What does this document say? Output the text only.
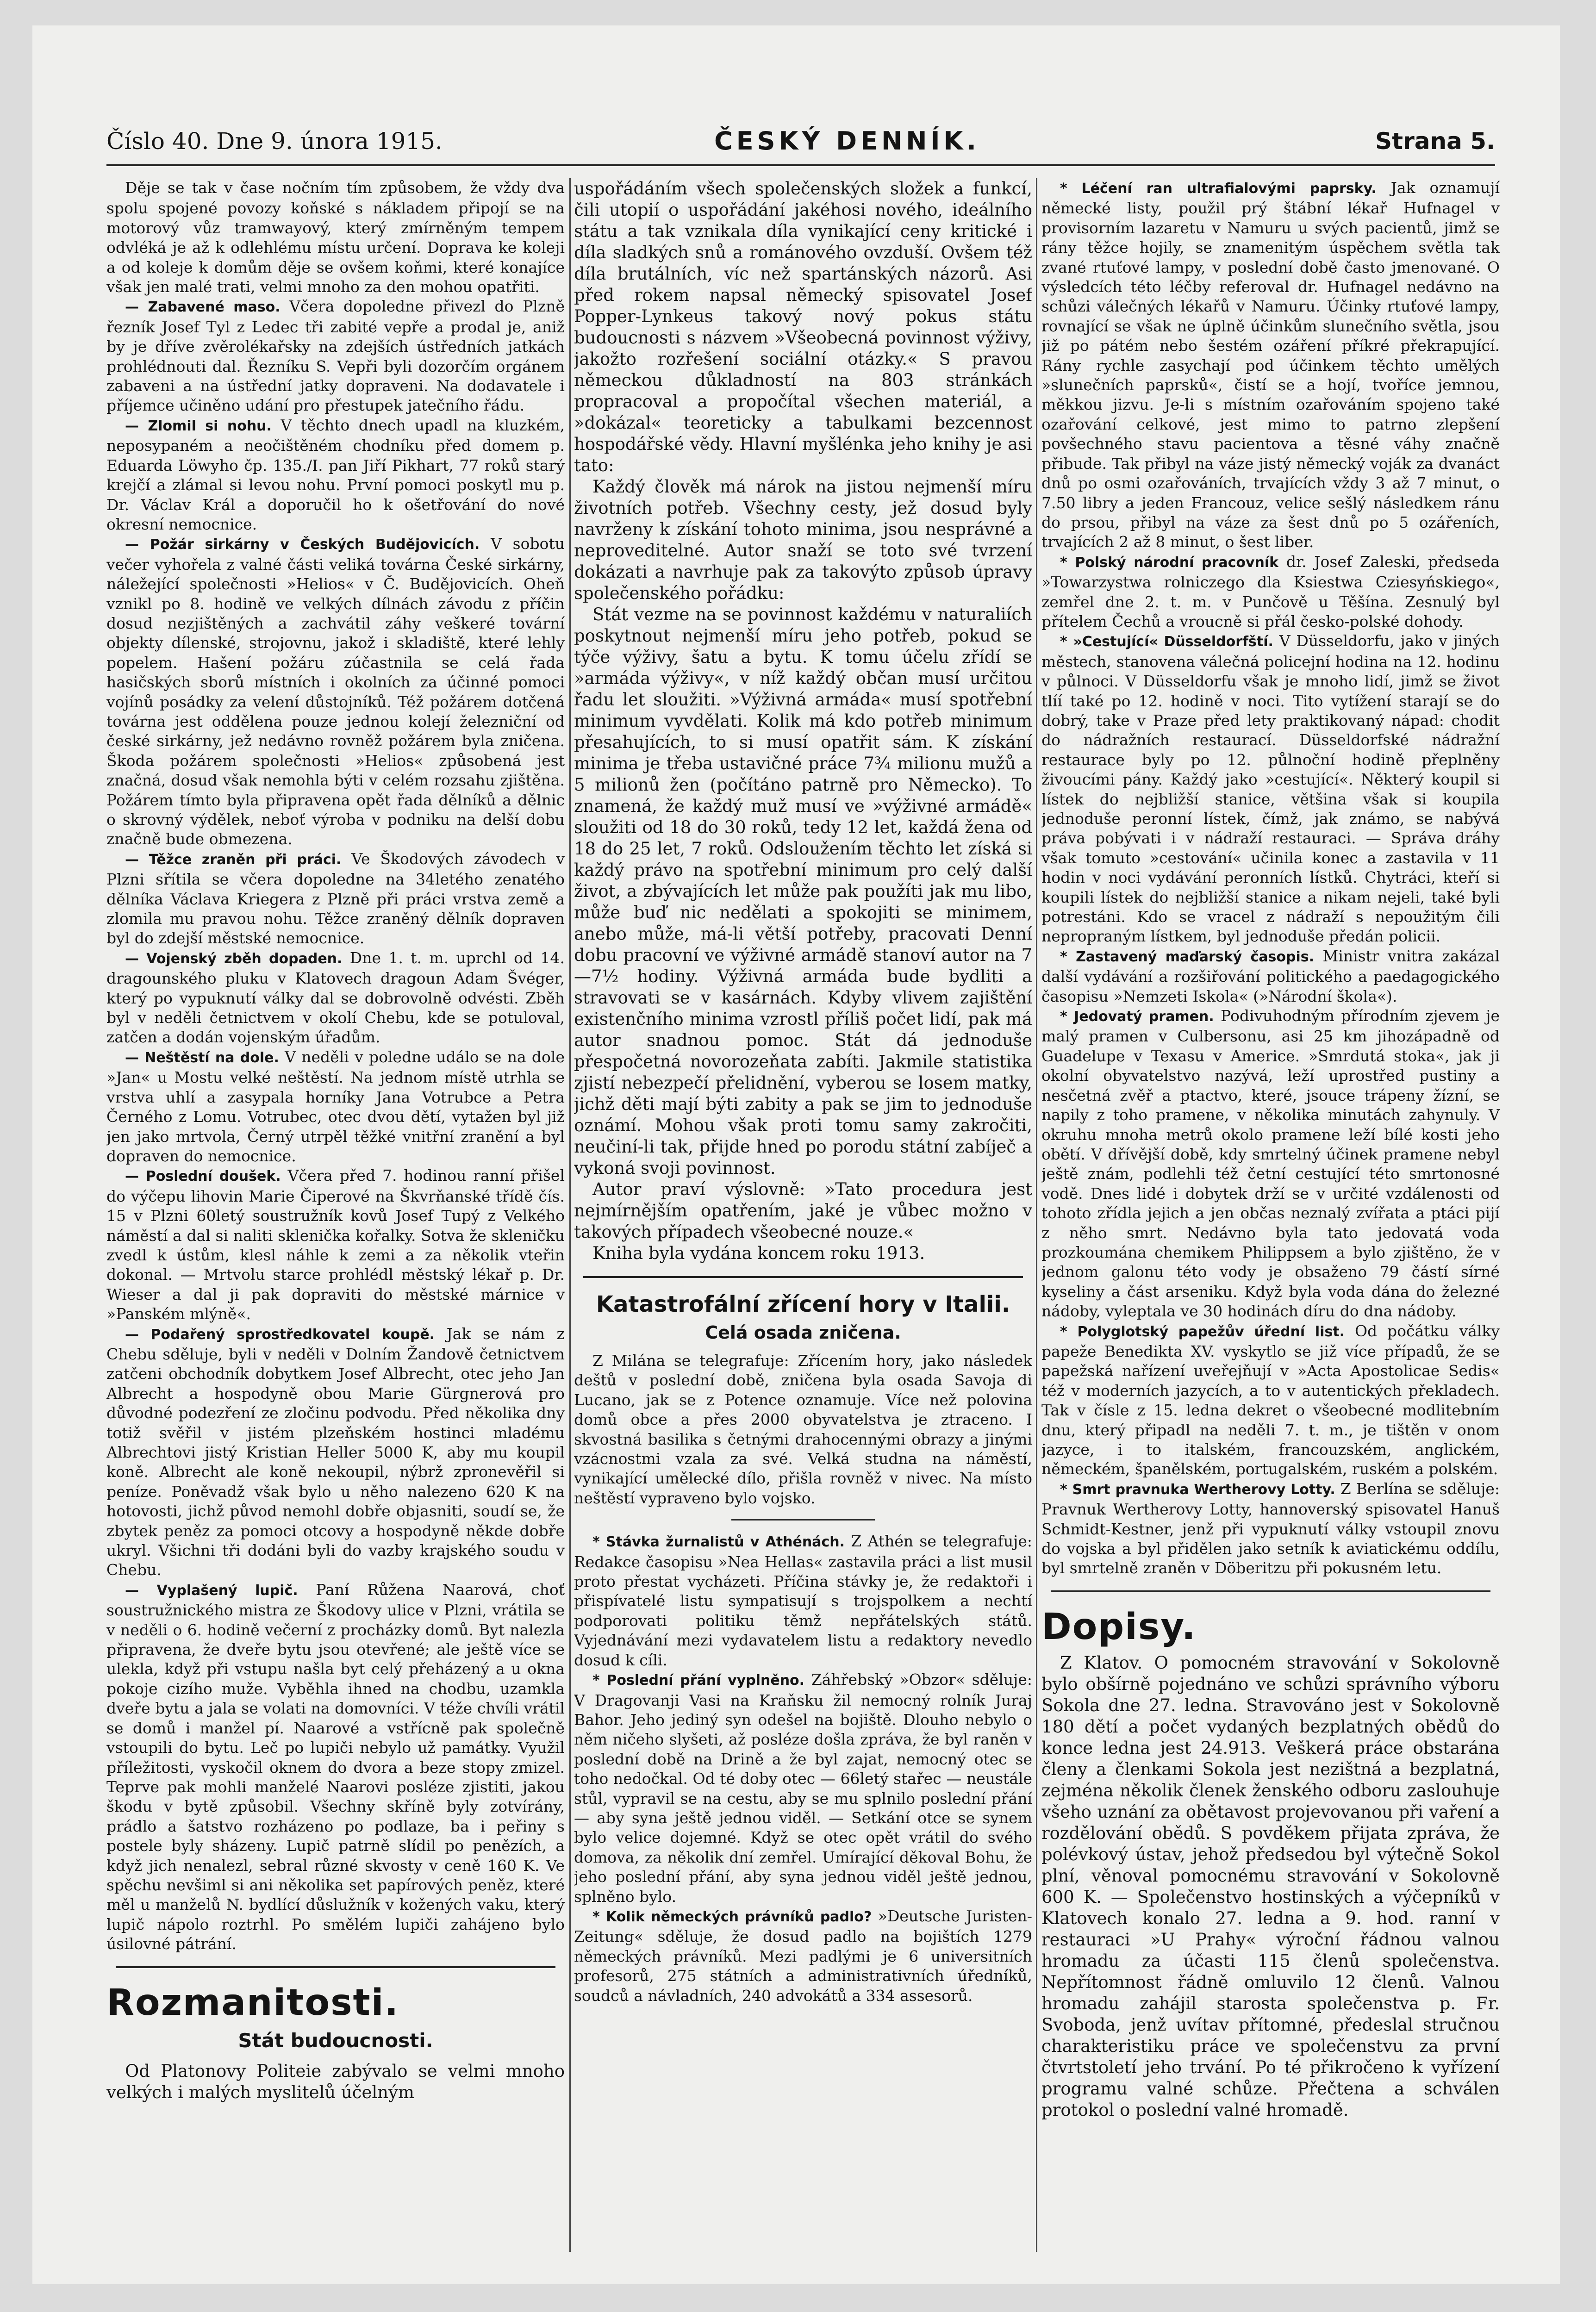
Číslo 40. Dne 9. února 1915.	ČESKÝ DENNÍK.	Strana 5.

Děje se tak v čase nočním tím způsobem, že vždy dva spolu spojené povozy koňské s nákladem připojí se na motorový vůz tramwayový, který zmírněným tempem odvléká je až k odlehlému místu určení. Doprava ke koleji a od koleje k domům děje se ovšem koňmi, které konajíce však jen malé trati, velmi mnoho za den mohou opatřiti.

— Zabavené maso. Včera dopoledne přivezl do Plzně řezník Josef Tyl z Ledec tři zabité vepře a prodal je, aniž by je dříve zvěrolékařsky na zdejších ústředních jatkách prohlédnouti dal. Řezníku S. Vepři byli dozorčím orgánem zabaveni a na ústřední jatky dopraveni. Na dodavatele i příjemce učiněno udání pro přestupek jatečního řádu.

— Zlomil si nohu. V těchto dnech upadl na kluzkém, neposypaném a neočištěném chodníku před domem p. Eduarda Löwyho čp. 135./I. pan Jiří Pikhart, 77 roků starý krejčí a zlámal si levou nohu. První pomoci poskytl mu p. Dr. Václav Král a doporučil ho k ošetřování do nové okresní nemocnice.

— Požár sirkárny v Českých Budějovicích. V sobotu večer vyhořela z valné části veliká továrna České sirkárny, náležející společnosti »Helios« v Č. Budějovicích. Oheň vznikl po 8. hodině ve velkých dílnách závodu z příčin dosud nezjištěných a zachvátil záhy veškeré tovární objekty dílenské, strojovnu, jakož i skladiště, které lehly popelem. Hašení požáru zúčastnila se celá řada hasičských sborů místních i okolních za účinné pomoci vojínů posádky za velení důstojníků. Též požárem dotčená továrna jest oddělena pouze jednou kolejí železniční od české sirkárny, jež nedávno rovněž požárem byla zničena. Škoda požárem společnosti »Helios« způsobená jest značná, dosud však nemohla býti v celém rozsahu zjištěna. Požárem tímto byla připravena opět řada dělníků a dělnic o skrovný výdělek, neboť výroba v podniku na delší dobu značně bude obmezena.

— Těžce zraněn při práci. Ve Škodových závodech v Plzni sřítila se včera dopoledne na 34letého zenatého dělníka Václava Kriegera z Plzně při práci vrstva země a zlomila mu pravou nohu. Těžce zraněný dělník dopraven byl do zdejší městské nemocnice.

— Vojenský zběh dopaden. Dne 1. t. m. uprchl od 14. dragounského pluku v Klatovech dragoun Adam Švéger, který po vypuknutí války dal se dobrovolně odvésti. Zběh byl v neděli četnictvem v okolí Chebu, kde se potuloval, zatčen a dodán vojenským úřadům.

— Neštěstí na dole. V neděli v poledne událo se na dole »Jan« u Mostu velké neštěstí. Na jednom místě utrhla se vrstva uhlí a zasypala horníky Jana Votrubce a Petra Černého z Lomu. Votrubec, otec dvou dětí, vytažen byl již jen jako mrtvola, Černý utrpěl těžké vnitřní zranění a byl dopraven do nemocnice.

— Poslední doušek. Včera před 7. hodinou ranní přišel do výčepu lihovin Marie Čiperové na Škvrňanské třídě čís. 15 v Plzni 60letý soustružník kovů Josef Tupý z Velkého náměstí a dal si naliti sklenička kořalky. Sotva že skleničku zvedl k ústům, klesl náhle k zemi a za několik vteřin dokonal. — Mrtvolu starce prohlédl městský lékař p. Dr. Wieser a dal ji pak dopraviti do městské márnice v »Panském mlýně«.

— Podařený sprostředkovatel koupě. Jak se nám z Chebu sděluje, byli v neděli v Dolním Žandově četnictvem zatčeni obchodník dobytkem Josef Albrecht, otec jeho Jan Albrecht a hospodyně obou Marie Gürgnerová pro důvodné podezření ze zločinu podvodu. Před několika dny totiž svěřil v jistém plzeňském hostinci mladému Albrechtovi jistý Kristian Heller 5000 K, aby mu koupil koně. Albrecht ale koně nekoupil, nýbrž zpronevěřil si peníze. Poněvadž však bylo u něho nalezeno 620 K na hotovosti, jichž původ nemohl dobře objasniti, soudí se, že zbytek peněz za pomoci otcovy a hospodyně někde dobře ukryl. Všichni tři dodáni byli do vazby krajského soudu v Chebu.

— Vyplašený lupič. Paní Růžena Naarová, choť soustružnického mistra ze Škodovy ulice v Plzni, vrátila se v neděli o 6. hodině večerní z procházky domů. Byt nalezla připravena, že dveře bytu jsou otevřené; ale ještě více se ulekla, když při vstupu našla byt celý přeházený a u okna pokoje cizího muže. Vyběhla ihned na chodbu, uzamkla dveře bytu a jala se volati na domovníci. V téže chvíli vrátil se domů i manžel pí. Naarové a vstřícně pak společně vstoupili do bytu. Leč po lupiči nebylo už památky. Využil příležitosti, vyskočil oknem do dvora a beze stopy zmizel. Teprve pak mohli manželé Naarovi posléze zjistiti, jakou škodu v bytě způsobil. Všechny skříně byly zotvírány, prádlo a šatstvo rozházeno po podlaze, ba i peřiny s postele byly sházeny. Lupič patrně slídil po penězích, a když jich nenalezl, sebral různé skvosty v ceně 160 K. Ve spěchu nevšiml si ani několika set papírových peněz, které měl u manželů N. bydlící důslužník v kožených vaku, který lupič nápolo roztrhl. Po smělém lupiči zahájeno bylo úsilovné pátrání.

Rozmanitosti.
Stát budoucnosti.

Od Platonovy Politeie zabývalo se velmi mnoho velkých i malých myslitelů účelným

uspořádáním všech společenských složek a funkcí, čili utopií o uspořádání jakéhosi nového, ideálního státu a tak vznikala díla vynikající ceny kritické i díla sladkých snů a románového ovzduší. Ovšem též díla brutálních, víc než spartánských názorů. Asi před rokem napsal německý spisovatel Josef Popper-Lynkeus takový nový pokus státu budoucnosti s názvem »Všeobecná povinnost výživy, jakožto rozřešení sociální otázky.« S pravou německou důkladností na 803 stránkách propracoval a propočítal všechen materiál, a »dokázal« teoreticky a tabulkami bezcennost hospodářské vědy. Hlavní myšlénka jeho knihy je asi tato:

Každý člověk má nárok na jistou nejmenší míru životních potřeb. Všechny cesty, jež dosud byly navrženy k získání tohoto minima, jsou nesprávné a neproveditelné. Autor snaží se toto své tvrzení dokázati a navrhuje pak za takovýto způsob úpravy společenského pořádku:

Stát vezme na se povinnost každému v naturaliích poskytnout nejmenší míru jeho potřeb, pokud se týče výživy, šatu a bytu. K tomu účelu zřídí se »armáda výživy«, v níž každý občan musí určitou řadu let sloužiti. »Výživná armáda« musí spotřební minimum vyvdělati. Kolik má kdo potřeb minimum přesahujících, to si musí opatřit sám. K získání minima je třeba ustavičné práce 7¾ milionu mužů a 5 milionů žen (počítáno patrně pro Německo). To znamená, že každý muž musí ve »výživné armádě« sloužiti od 18 do 30 roků, tedy 12 let, každá žena od 18 do 25 let, 7 roků. Odsloužením těchto let získá si každý právo na spotřební minimum pro celý další život, a zbývajících let může pak použíti jak mu libo, může buď nic nedělati a spokojiti se minimem, anebo může, má-li větší potřeby, pracovati Denní dobu pracovní ve výživné armádě stanoví autor na 7—7½ hodiny. Výživná armáda bude bydliti a stravovati se v kasárnách. Kdyby vlivem zajištění existenčního minima vzrostl příliš počet lidí, pak má autor snadnou pomoc. Stát dá jednoduše přespočetná novorozeňata zabíti. Jakmile statistika zjistí nebezpečí přelidnění, vyberou se losem matky, jichž děti mají býti zabity a pak se jim to jednoduše oznámí. Mohou však proti tomu samy zakročiti, neučiní-li tak, přijde hned po porodu státní zabíječ a vykoná svoji povinnost.

Autor praví výslovně: »Tato procedura jest nejmírnějším opatřením, jaké je vůbec možno v takových případech všeobecné nouze.«

Kniha byla vydána koncem roku 1913.

Katastrofální zřícení hory v Italii.
Celá osada zničena.

Z Milána se telegrafuje: Zřícením hory, jako následek deštů v poslední době, zničena byla osada Savoja di Lucano, jak se z Potence oznamuje. Více než polovina domů obce a přes 2000 obyvatelstva je ztraceno. I skvostná basilika s četnými drahocennými obrazy a jinými vzácnostmi vzala za své. Velká studna na náměstí, vynikající umělecké dílo, přišla rovněž v nivec. Na místo neštěstí vypraveno bylo vojsko.

* Stávka žurnalistů v Athénách. Z Athén se telegrafuje: Redakce časopisu »Nea Hellas« zastavila práci a list musil proto přestat vycházeti. Příčina stávky je, že redaktoři i přispívatelé listu sympatisují s trojspolkem a nechtí podporovati politiku těmž nepřátelských států. Vyjednávání mezi vydavatelem listu a redaktory nevedlo dosud k cíli.

* Poslední přání vyplněno. Záhřebský »Obzor« sděluje: V Dragovanji Vasi na Kraňsku žil nemocný rolník Juraj Bahor. Jeho jediný syn odešel na bojiště. Dlouho nebylo o něm ničeho slyšeti, až posléze došla zpráva, že byl raněn v poslední době na Drině a že byl zajat, nemocný otec se toho nedočkal. Od té doby otec — 66letý stařec — neustále stůl, vypravil se na cestu, aby se mu splnilo poslední přání — aby syna ještě jednou viděl. — Setkání otce se synem bylo velice dojemné. Když se otec opět vrátil do svého domova, za několik dní zemřel. Umírající děkoval Bohu, že jeho poslední přání, aby syna jednou viděl ještě jednou, splněno bylo.

* Kolik německých právníků padlo? »Deutsche Juristen-Zeitung« sděluje, že dosud padlo na bojištích 1279 německých právníků. Mezi padlými je 6 universitních profesorů, 275 státních a administrativních úředníků, soudců a návladních, 240 advokátů a 334 assesorů.

* Léčení ran ultrafialovými paprsky. Jak oznamují německé listy, použil prý štábní lékař Hufnagel v provisorním lazaretu v Namuru u svých pacientů, jimž se rány těžce hojily, se znamenitým úspěchem světla tak zvané rtuťové lampy, v poslední době často jmenované. O výsledcích této léčby referoval dr. Hufnagel nedávno na schůzi válečných lékařů v Namuru. Účinky rtuťové lampy, rovnající se však ne úplně účinkům slunečního světla, jsou již po pátém nebo šestém ozáření příkré překrapující. Rány rychle zasychají pod účinkem těchto umělých »slunečních paprsků«, čistí se a hojí, tvoříce jemnou, měkkou jizvu. Je-li s místním ozařováním spojeno také ozařování celkové, jest mimo to patrno zlepšení povšechného stavu pacientova a těsné váhy značně přibude. Tak přibyl na váze jistý německý voják za dvanáct dnů po osmi ozařováních, trvajících vždy 3 až 7 minut, o 7.50 libry a jeden Francouz, velice sešlý následkem ránu do prsou, přibyl na váze za šest dnů po 5 ozářeních, trvajících 2 až 8 minut, o šest liber.

* Polský národní pracovník dr. Josef Zaleski, předseda »Towarzystwa rolniczego dla Ksiestwa Cziesyńskiego«, zemřel dne 2. t. m. v Punčově u Těšína. Zesnulý byl přítelem Čechů a vroucně si přál česko-polské dohody.

* »Cestující« Düsseldorfští. V Düsseldorfu, jako v jiných městech, stanovena válečná policejní hodina na 12. hodinu v půlnoci. V Düsseldorfu však je mnoho lidí, jimž se život tlíí také po 12. hodině v noci. Tito vytížení starají se do dobrý, take v Praze před lety praktikovaný nápad: chodit do nádražních restaurací. Düsseldorfské nádražní restaurace byly po 12. půlnoční hodině přeplněny živoucími pány. Každý jako »cestující«. Některý koupil si lístek do nejbližší stanice, většina však si koupila jednoduše peronní lístek, čímž, jak známo, se nabývá práva pobývati i v nádraží restauraci. — Správa dráhy však tomuto »cestování« učinila konec a zastavila v 11 hodin v noci vydávání peronních lístků. Chytráci, kteří si koupili lístek do nejbližší stanice a nikam nejeli, také byli potrestáni. Kdo se vracel z nádraží s nepoužitým čili nepropraným lístkem, byl jednoduše předán policii.

* Zastavený maďarský časopis. Ministr vnitra zakázal další vydávání a rozšiřování politického a paedagogického časopisu »Nemzeti Iskola« (»Národní škola«).

* Jedovatý pramen. Podivuhodným přírodním zjevem je malý pramen v Culbersonu, asi 25 km jihozápadně od Guadelupe v Texasu v Americe. »Smrdutá stoka«, jak ji okolní obyvatelstvo nazývá, leží uprostřed pustiny a nesčetná zvěř a ptactvo, které, jsouce trápeny žízní, se napily z toho pramene, v několika minutách zahynuly. V okruhu mnoha metrů okolo pramene leží bílé kosti jeho obětí. V dřívější době, kdy smrtelný účinek pramene nebyl ještě znám, podlehli též četní cestující této smrtonosné vodě. Dnes lidé i dobytek drží se v určité vzdálenosti od tohoto zřídla jejich a jen občas neznalý zvířata a ptáci pijí z něho smrt. Nedávno byla tato jedovatá voda prozkoumána chemikem Philippsem a bylo zjištěno, že v jednom galonu této vody je obsaženo 79 částí sírné kyseliny a část arseniku. Když byla voda dána do železné nádoby, vyleptala ve 30 hodinách díru do dna nádoby.

* Polyglotský papežův úřední list. Od počátku války papeže Benedikta XV. vyskytlo se již více případů, že se papežská nařízení uveřejňují v »Acta Apostolicae Sedis« též v moderních jazycích, a to v autentických překladech. Tak v čísle z 15. ledna dekret o všeobecné modlitebním dnu, který připadl na neděli 7. t. m., je tištěn v onom jazyce, i to italském, francouzském, anglickém, německém, španělském, portugalském, ruském a polském.

* Smrt pravnuka Wertherovy Lotty. Z Berlína se sděluje: Pravnuk Wertherovy Lotty, hannoverský spisovatel Hanuš Schmidt-Kestner, jenž při vypuknutí války vstoupil znovu do vojska a byl přidělen jako setník k aviatickému oddílu, byl smrtelně zraněn v Döberitzu při pokusném letu.

Dopisy.

Z Klatov. O pomocném stravování v Sokolovně bylo obšírně pojednáno ve schůzi správního výboru Sokola dne 27. ledna. Stravováno jest v Sokolovně 180 dětí a počet vydaných bezplatných obědů do konce ledna jest 24.913. Veškerá práce obstarána členy a členkami Sokola jest nezištná a bezplatná, zejména několik členek ženského odboru zaslouhuje všeho uznání za obětavost projevovanou při vaření a rozdělování obědů. S povděkem přijata zpráva, že polévkový ústav, jehož předsedou byl výtečně Sokol plní, věnoval pomocnému stravování v Sokolovně 600 K. — Společenstvo hostinských a výčepníků v Klatovech konalo 27. ledna a 9. hod. ranní v restauraci »U Prahy« výroční řádnou valnou hromadu za účasti 115 členů společenstva. Nepřítomnost řádně omluvilo 12 členů. Valnou hromadu zahájil starosta společenstva p. Fr. Svoboda, jenž uvítav přítomné, předeslal stručnou charakteristiku práce ve společenstvu za první čtvrtstoletí jeho trvání. Po té přikročeno k vyřízení programu valné schůze. Přečtena a schválen protokol o poslední valné hromadě.
